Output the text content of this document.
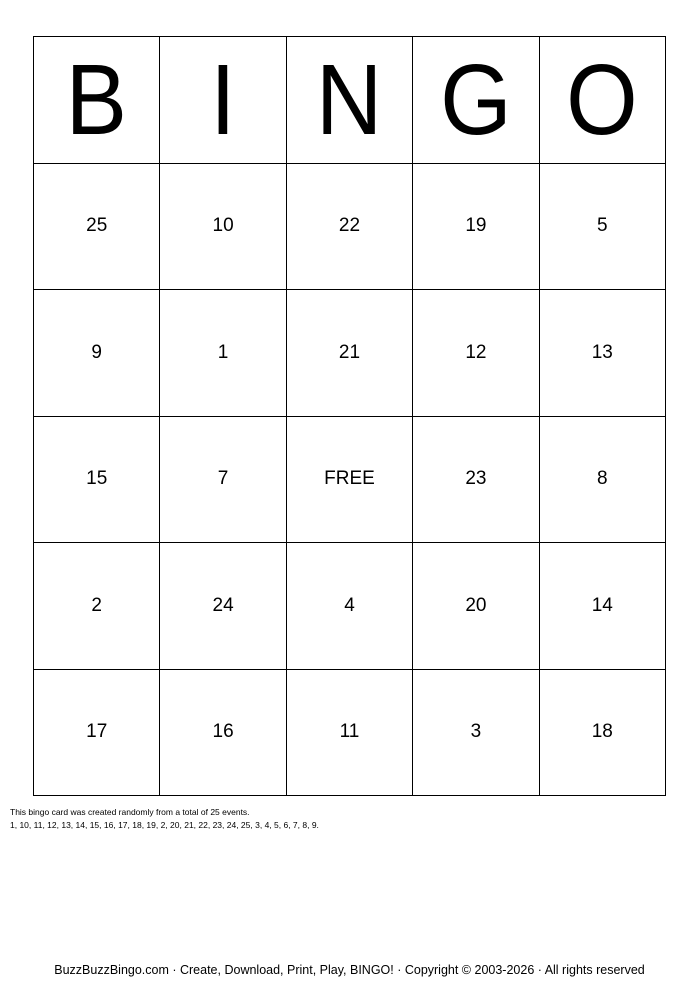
B I N G O
25	10	22	19	5
9	1	21	12	13
15	7	FREE	23	8
2	24	4	20	14
17	16	11	3	18
This bingo card was created randomly from a total of 25 events.
1, 10, 11, 12, 13, 14, 15, 16, 17, 18, 19, 2, 20, 21, 22, 23, 24, 25, 3, 4, 5, 6, 7, 8, 9.
BuzzBuzzBingo.com · Create, Download, Print, Play, BINGO! · Copyright © 2003-2026 · All rights reserved
